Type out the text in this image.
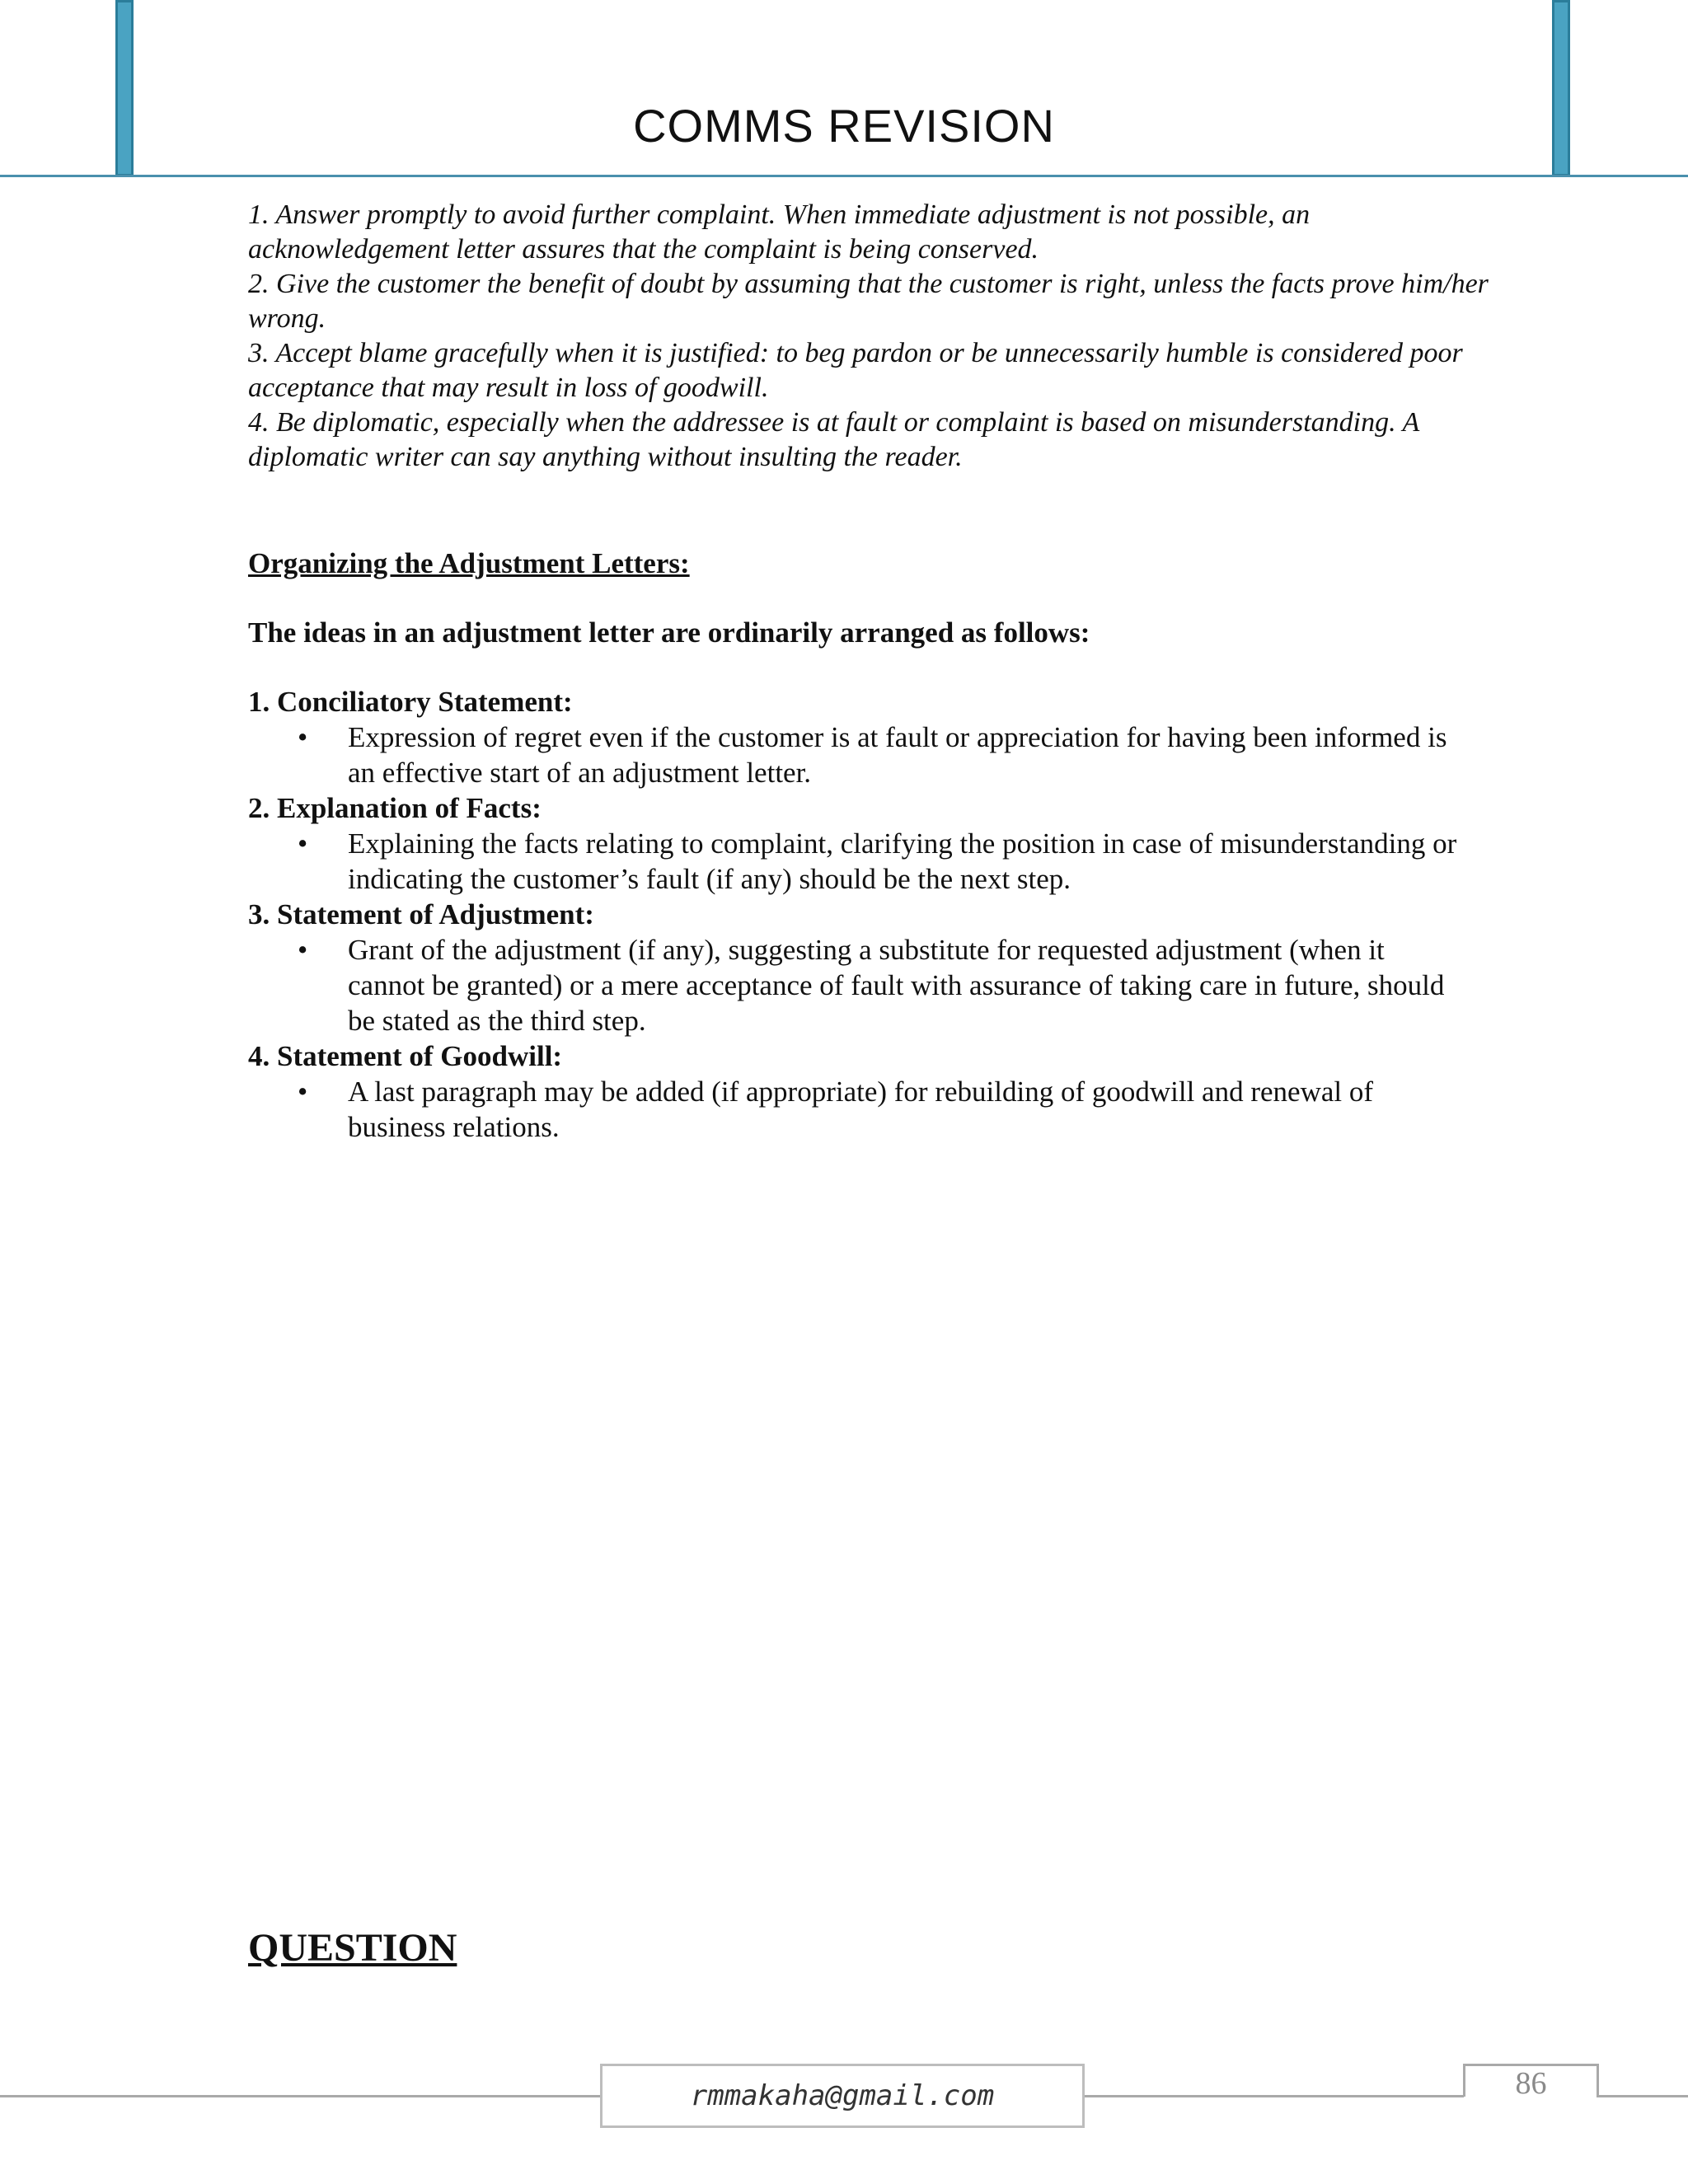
COMMS REVISION

1. Answer promptly to avoid further complaint. When immediate adjustment is not possible, an acknowledgement letter assures that the complaint is being conserved.

2. Give the customer the benefit of doubt by assuming that the customer is right, unless the facts prove him/her wrong.

3. Accept blame gracefully when it is justified: to beg pardon or be unnecessarily humble is considered poor acceptance that may result in loss of goodwill.

4. Be diplomatic, especially when the addressee is at fault or complaint is based on misunderstanding. A diplomatic writer can say anything without insulting the reader.

Organizing the Adjustment Letters:
The ideas in an adjustment letter are ordinarily arranged as follows:

1. Conciliatory Statement:

• Expression of regret even if the customer is at fault or appreciation for having been informed is an effective start of an adjustment letter.

2. Explanation of Facts:

• Explaining the facts relating to complaint, clarifying the position in case of misunderstanding or indicating the customer’s fault (if any) should be the next step.

3. Statement of Adjustment:

• Grant of the adjustment (if any), suggesting a substitute for requested adjustment (when it cannot be granted) or a mere acceptance of fault with assurance of taking care in future, should be stated as the third step.

4. Statement of Goodwill:

• A last paragraph may be added (if appropriate) for rebuilding of goodwill and renewal of business relations.

QUESTION
rmmakaha@gmail.com	86
